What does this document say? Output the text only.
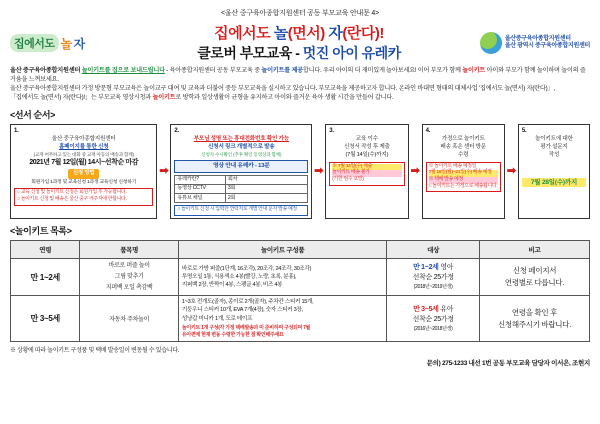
<울산 중구육아종합지원센터 공동 부모교육 안내문 4>
집에서도 놀 자
집에서도 놀(면서) 자(란다)!
클로버 부모교육 - 멋진 아이 유레카
울산중구육아종합지원센터
울산 광역시 중구육아종합지원센터
울산 중구육아종합지원센터 놀이키트를 집으로 보내드립니다 - 육아종합지원센터 공동 부모교육 중 놀이키트를 제공합니다. 우리 아이의 더 재미있게 놀아보세요! 이어 부모가 함께 놀이키트 아이와 부모가 함께 놀이하며 놀이의 즐거움을 느껴보세요.
울산 중구육아종합지원센터 가정 방문형 부모교육은 놀이교구 대여 및 교육과 더불어 중등 부모교육을 실시하고 있습니다. 부모교육을 제공하고자 합니다. 온라인 바대면 형태의 대체사업 '집에서도 놀(면서) 자(란다)」,
「집에서도 놀(면서) 자(란다)!」는 부모교육 영상시청과 놀이키트로 방학과 일상생활이 균형을 유지하고 아이와 즐거운 육아 생활 시간을 만들어 갑니다.
<선서 순서>
1.
울산 중구육아종합지원센터
홈페이지를 통한 신청
(교재 여무하고 있는 대화 중 교재 아동의 배송과 함께)
2021년 7월 12일(월) 14시~선착순 마감
신청 방법
회원가입 1과정 및 교육신청 1과정 교육신청 신청하기
○ 교육 신청 및 놀이키트 신청은 회원가입 후 가능합니다.
○ 놀이키트 신청 및 배송은 울산 중구 거주자에 한합니다.
➡
2.
부모님 성명 또는 휴대전화번호 확인 가능
신청서 링크 개별적으로 발송
신청자 수시확인 (추후 확인 동영상과 함께)
영상 안내 유레카 - 13분
유레카란?	회차
동영상 CCTV	3회
유튜브 채널	2회
○ 놀이키트 신청 시 입력한 연락처로 개별 안내 문자 발송 예정
➡
3.
교육 이수
신청서 작성 후 제출
(7월 14일(수)까지)
※ 7월 14일(수) 제출
놀이키트 배송 불가
(기한 엄수 요망)
➡
4.
가정으로 놀이키트
배송 혹은 센터 방문
수령
※ 놀이키트 배송 예정일
7월 19일(월)~21일(수) 배송 예정
※ 택배 발송 예정
○ 놀이키트는 가정으로 배송됩니다.
➡
5.
놀이키트에 대한
평가 설문지
작성
7월 28일(수)까지
<놀이키트 목록>
연령	품목명	놀이키트 구성품	대상	비고
만 1~2세	
바로로 퍼즐 놀이
그림 맞추기
지퍼백 오일 촉감백

바로로 가방 퍼즐(1단계, 16조각), 20조각, 24조각, 30조각)
투명오일 1통, 식용색소 4봉(빨강, 노랑, 초록, 분홍),
지퍼백 2장, 반짝이 4봉, 스팽글 4봉, 비즈 4봉

만 1~2세 영아
선착순 25가정
(2018년~2019년생)

신청 페이지서
연령별로 다릅니다.

만 3~5세	자동차 주차놀이

1~3호 전개도(골자), 종이로 2개(골자), 주차칸 스티커 15개,
기둥우니 스티커 10개, EVA 7개(4장), 숫자 스티커 3장,
성냥갑 미니카 1개, 도로 테이프
놀이키트 1개 구성(각 가정 택배발송과 미 준비하며 구성되며 7월
유아편에 현재 변동 수령한 가능한 점 확인해주세요

만 3~5세 유아
선착순 25가정
(2016년~2018년생)

연령을 확인 후
신청해주시기 바랍니다.
※ 상황에 따라 놀이키트 구성품 및 택배 발송일이 변동될 수 있습니다.
문의) 275-1233 내선 1번 공동 부모교육 담당자 이서은, 조현지
